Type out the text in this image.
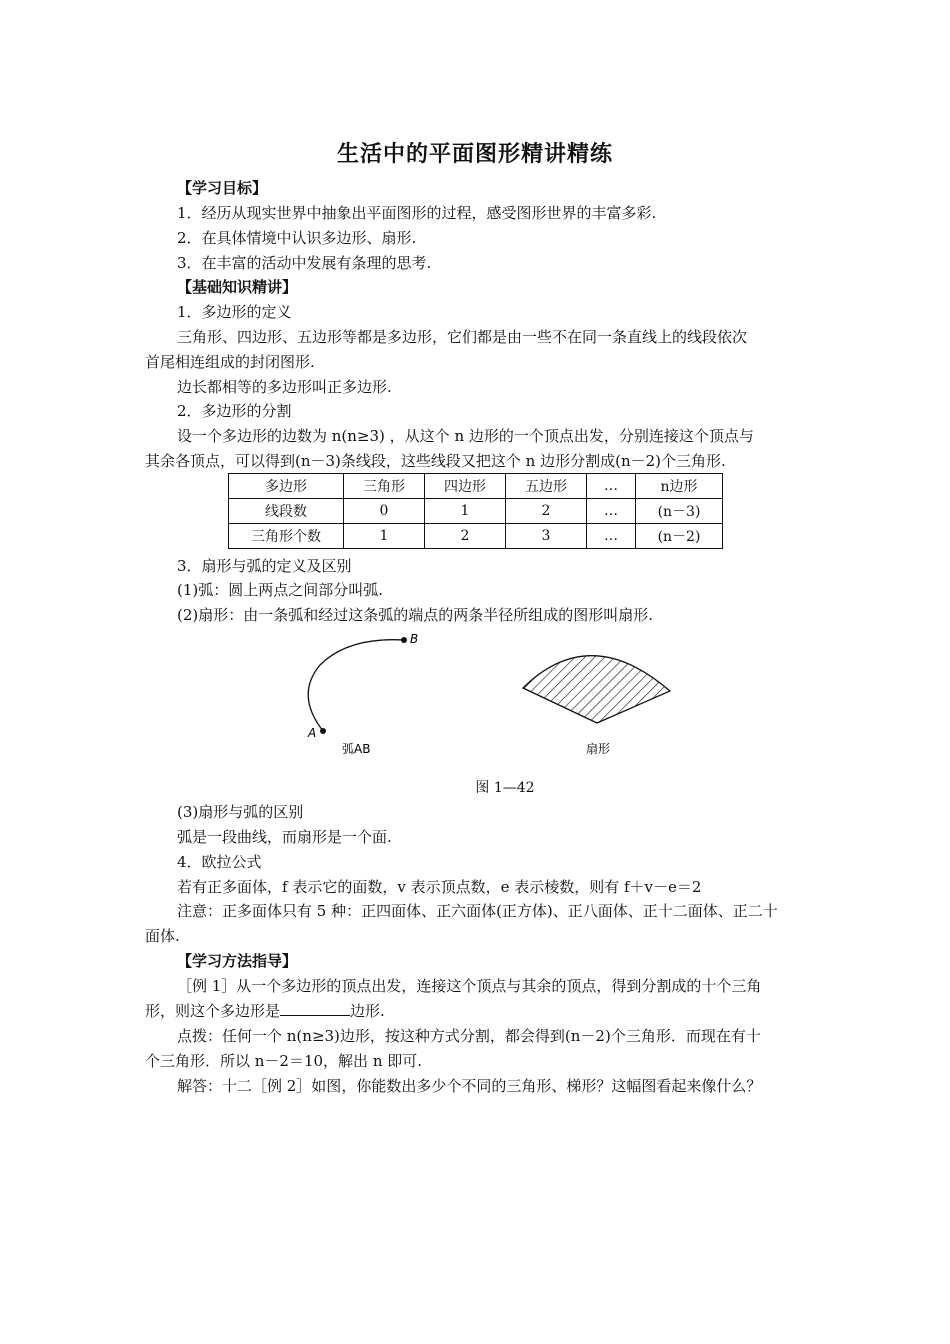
生活中的平面图形精讲精练
【学习目标】
1．经历从现实世界中抽象出平面图形的过程，感受图形世界的丰富多彩.
2．在具体情境中认识多边形、扇形.
3．在丰富的活动中发展有条理的思考.
【基础知识精讲】
1．多边形的定义
三角形、四边形、五边形等都是多边形，它们都是由一些不在同一条直线上的线段依次
首尾相连组成的封闭图形.
边长都相等的多边形叫正多边形.
2．多边形的分割
设一个多边形的边数为 n(n≥3) ，从这个 n 边形的一个顶点出发，分别连接这个顶点与
其余各顶点，可以得到(n－3)条线段，这些线段又把这个 n 边形分割成(n－2)个三角形.
多边形	三角形	四边形	五边形	…	n边形
线段数	0	1	2	…	(n－3)
三角形个数	1	2	3	…	(n－2)
3．扇形与弧的定义及区别
(1)弧：圆上两点之间部分叫弧.
(2)扇形：由一条弧和经过这条弧的端点的两条半径所组成的图形叫扇形.
A
B
弧AB	扇形
图 1—42
(3)扇形与弧的区别
弧是一段曲线，而扇形是一个面.
4．欧拉公式
若有正多面体，f 表示它的面数，v 表示顶点数，e 表示棱数，则有 f＋v－e＝2
注意：正多面体只有 5 种：正四面体、正六面体(正方体)、正八面体、正十二面体、正二十
面体.
【学习方法指导】
［例 1］从一个多边形的顶点出发，连接这个顶点与其余的顶点，得到分割成的十个三角
形，则这个多边形是	边形.
点拨：任何一个 n(n≥3)边形，按这种方式分割，都会得到(n－2)个三角形．而现在有十
个三角形．所以 n－2＝10，解出 n 即可.
解答：十二［例 2］如图，你能数出多少个不同的三角形、梯形？这幅图看起来像什么？
